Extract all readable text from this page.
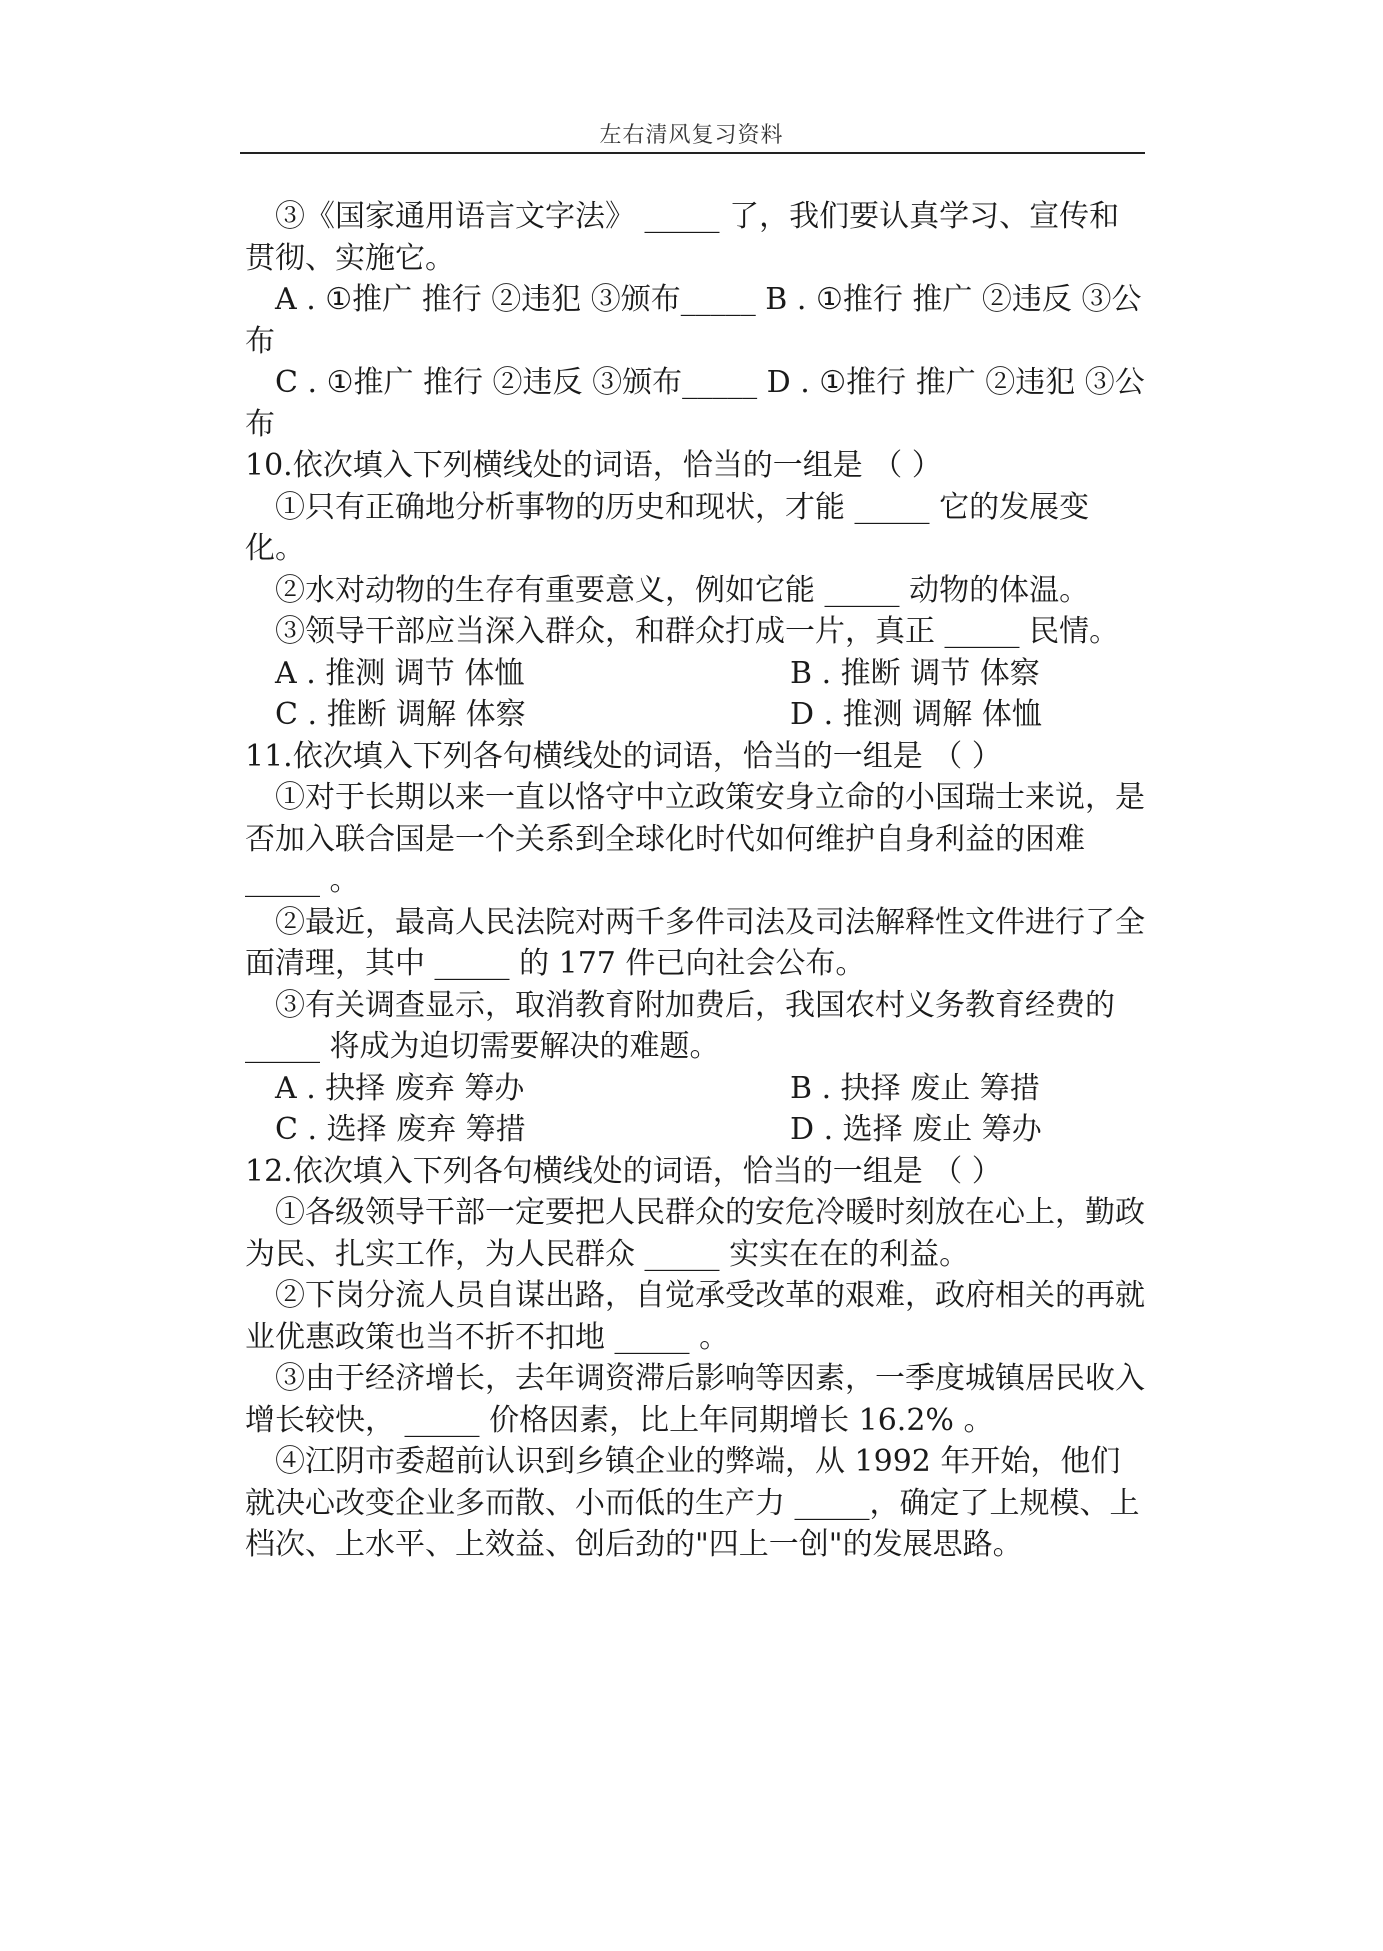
左右清风复习资料

③《国家通用语言文字法》 _____ 了，我们要认真学习、宣传和贯彻、实施它。

A . ①推广 推行 ②违犯 ③颁布_____ B . ①推行 推广 ②违反 ③公布

C . ①推广 推行 ②违反 ③颁布_____ D . ①推行 推广 ②违犯 ③公布

10.依次填入下列横线处的词语，恰当的一组是 （ ）

①只有正确地分析事物的历史和现状，才能 _____ 它的发展变化。

②水对动物的生存有重要意义，例如它能 _____ 动物的体温。

③领导干部应当深入群众，和群众打成一片，真正 _____ 民情。

A . 推测 调节 体恤	B . 推断 调节 体察
C . 推断 调解 体察	D . 推测 调解 体恤

11.依次填入下列各句横线处的词语，恰当的一组是 （ ）

①对于长期以来一直以恪守中立政策安身立命的小国瑞士来说，是否加入联合国是一个关系到全球化时代如何维护自身利益的困难 _____ 。

②最近，最高人民法院对两千多件司法及司法解释性文件进行了全面清理，其中 _____ 的 177 件已向社会公布。

③有关调查显示，取消教育附加费后，我国农村义务教育经费的 _____ 将成为迫切需要解决的难题。

A . 抉择 废弃 筹办	B . 抉择 废止 筹措
C . 选择 废弃 筹措	D . 选择 废止 筹办

12.依次填入下列各句横线处的词语，恰当的一组是 （ ）

①各级领导干部一定要把人民群众的安危冷暖时刻放在心上，勤政为民、扎实工作，为人民群众 _____ 实实在在的利益。

②下岗分流人员自谋出路，自觉承受改革的艰难，政府相关的再就业优惠政策也当不折不扣地 _____ 。

③由于经济增长，去年调资滞后影响等因素，一季度城镇居民收入增长较快， _____ 价格因素，比上年同期增长 16.2% 。

④江阴市委超前认识到乡镇企业的弊端，从 1992 年开始，他们就决心改变企业多而散、小而低的生产力 _____，确定了上规模、上档次、上水平、上效益、创后劲的"四上一创"的发展思路。
